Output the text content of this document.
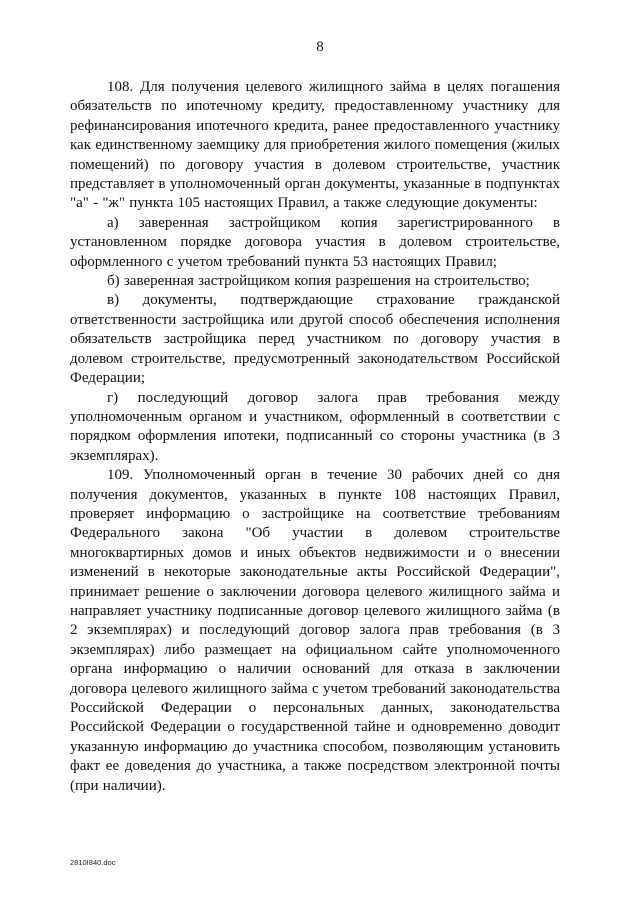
8

108. Для получения целевого жилищного займа в целях погашения обязательств по ипотечному кредиту, предоставленному участнику для рефинансирования ипотечного кредита, ранее предоставленного участнику как единственному заемщику для приобретения жилого помещения (жилых помещений) по договору участия в долевом строительстве, участник представляет в уполномоченный орган документы, указанные в подпунктах "а" - "ж" пункта 105 настоящих Правил, а также следующие документы:

а) заверенная застройщиком копия зарегистрированного в установленном порядке договора участия в долевом строительстве, оформленного с учетом требований пункта 53 настоящих Правил;

б) заверенная застройщиком копия разрешения на строительство;

в) документы, подтверждающие страхование гражданской ответственности застройщика или другой способ обеспечения исполнения обязательств застройщика перед участником по договору участия в долевом строительстве, предусмотренный законодательством Российской Федерации;

г) последующий договор залога прав требования между уполномоченным органом и участником, оформленный в соответствии с порядком оформления ипотеки, подписанный со стороны участника (в 3 экземплярах).

109. Уполномоченный орган в течение 30 рабочих дней со дня получения документов, указанных в пункте 108 настоящих Правил, проверяет информацию о застройщике на соответствие требованиям Федерального закона "Об участии в долевом строительстве многоквартирных домов и иных объектов недвижимости и о внесении изменений в некоторые законодательные акты Российской Федерации", принимает решение о заключении договора целевого жилищного займа и направляет участнику подписанные договор целевого жилищного займа (в 2 экземплярах) и последующий договор залога прав требования (в 3 экземплярах) либо размещает на официальном сайте уполномоченного органа информацию о наличии оснований для отказа в заключении договора целевого жилищного займа с учетом требований законодательства Российской Федерации о персональных данных, законодательства Российской Федерации о государственной тайне и одновременно доводит указанную информацию до участника способом, позволяющим установить факт ее доведения до участника, а также посредством электронной почты (при наличии).

2810I840.doc
